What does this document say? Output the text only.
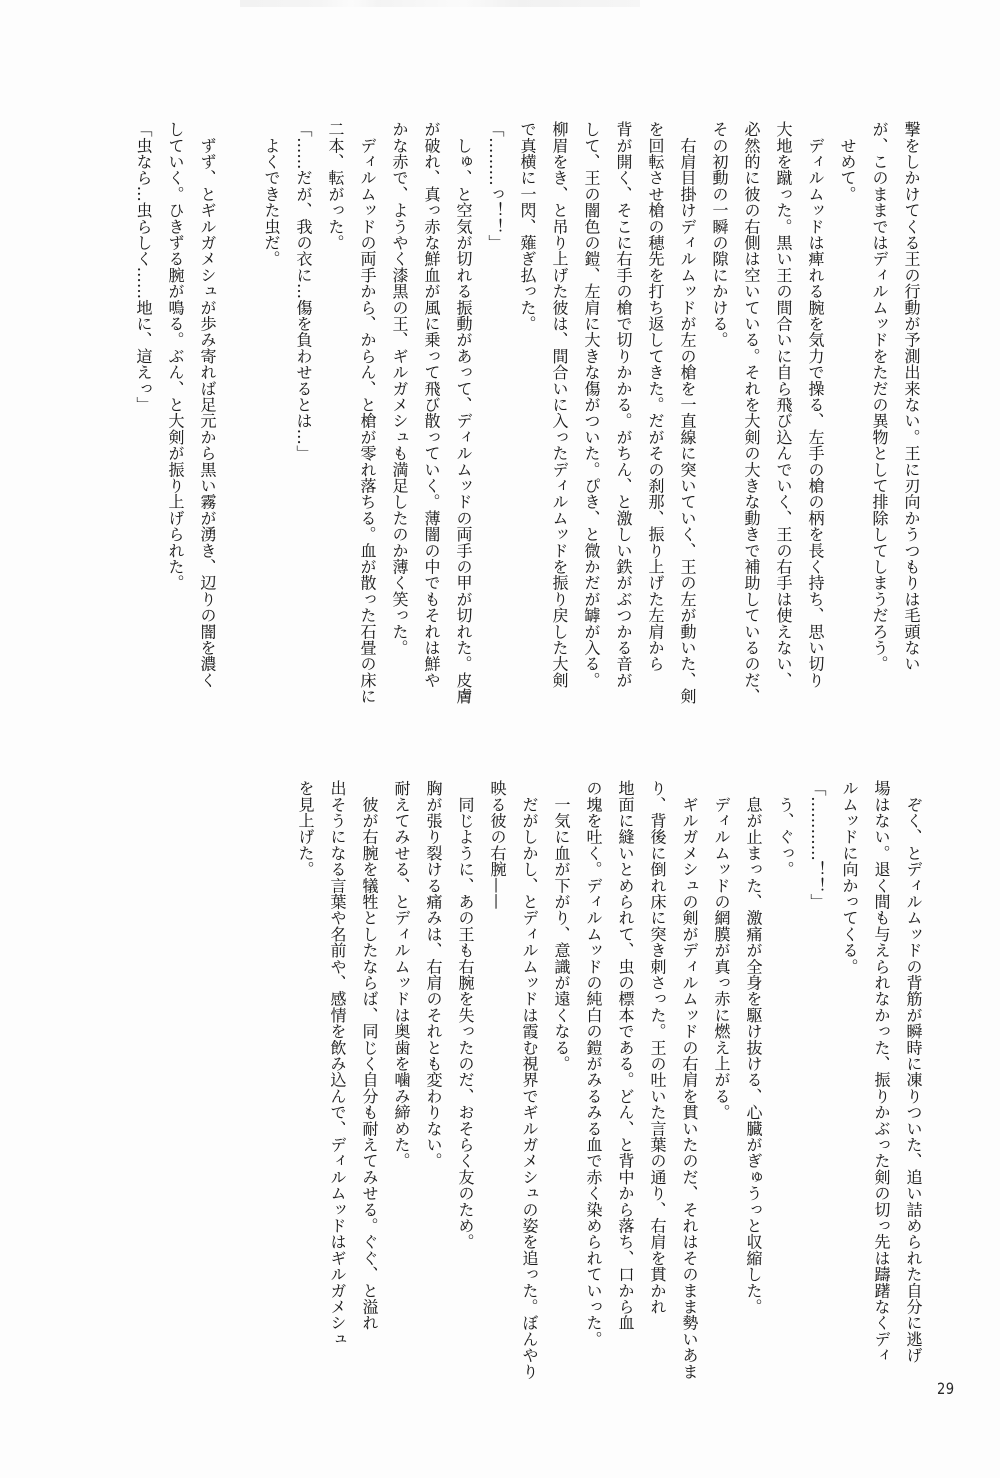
撃をしかけてくる王の行動が予測出来ない。王に刃向かうつもりは毛頭ない
が、このままではディルムッドをただの異物として排除してしまうだろう。
　せめて。
　ディルムッドは痺れる腕を気力で操る、左手の槍の柄を長く持ち、思い切り
大地を蹴った。黒い王の間合いに自ら飛び込んでいく、王の右手は使えない、
必然的に彼の右側は空いている。それを大剣の大きな動きで補助しているのだ、
その初動の一瞬の隙にかける。
　右肩目掛けディルムッドが左の槍を一直線に突いていく、王の左が動いた、剣
を回転させ槍の穂先を打ち返してきた。だがその刹那、振り上げた左肩から
背が開く、そこに右手の槍で切りかかる。がちん、と激しい鉄がぶつかる音が
して、王の闇色の鎧、左肩に大きな傷がついた。ぴき、と微かだが罅が入る。
柳眉をき、と吊り上げた彼は、間合いに入ったディルムッドを振り戻した大剣
で真横に一閃、薙ぎ払った。
「………っ！！」
　しゅ、と空気が切れる振動があって、ディルムッドの両手の甲が切れた。皮膚
が破れ、真っ赤な鮮血が風に乗って飛び散っていく。薄闇の中でもそれは鮮や
かな赤で、ようやく漆黒の王、ギルガメシュも満足したのか薄く笑った。
　ディルムッドの両手から、からん、と槍が零れ落ちる。血が散った石畳の床に
二本、転がった。
「……だが、我の衣に…傷を負わせるとは…」
　よくできた虫だ。
　ずず、とギルガメシュが歩み寄れば足元から黒い霧が湧き、辺りの闇を濃く
していく。ひきずる腕が鳴る。ぶん、と大剣が振り上げられた。
「虫なら…虫らしく……地に、這えっ」
　ぞく、とディルムッドの背筋が瞬時に凍りついた、追い詰められた自分に逃げ
場はない。退く間も与えられなかった、振りかぶった剣の切っ先は躊躇なくディ
ルムッドに向かってくる。
「…………！！」
　う、ぐっ。
　息が止まった、激痛が全身を駆け抜ける、心臓がぎゅうっと収縮した。
　ディルムッドの網膜が真っ赤に燃え上がる。
　ギルガメシュの剣がディルムッドの右肩を貫いたのだ、それはそのまま勢いあま
り、背後に倒れ床に突き刺さった。王の吐いた言葉の通り、右肩を貫かれ
地面に縫いとめられて、虫の標本である。どん、と背中から落ち、口から血
の塊を吐く。ディルムッドの純白の鎧がみるみる血で赤く染められていった。
　一気に血が下がり、意識が遠くなる。
　だがしかし、とディルムッドは霞む視界でギルガメシュの姿を追った。ぼんやり
映る彼の右腕——
　同じように、あの王も右腕を失ったのだ、おそらく友のため。
胸が張り裂ける痛みは、右肩のそれとも変わりない。
耐えてみせる、とディルムッドは奥歯を噛み締めた。
　彼が右腕を犠牲としたならば、同じく自分も耐えてみせる。ぐぐ、と溢れ
出そうになる言葉や名前や、感情を飲み込んで、ディルムッドはギルガメシュ
を見上げた。
29
